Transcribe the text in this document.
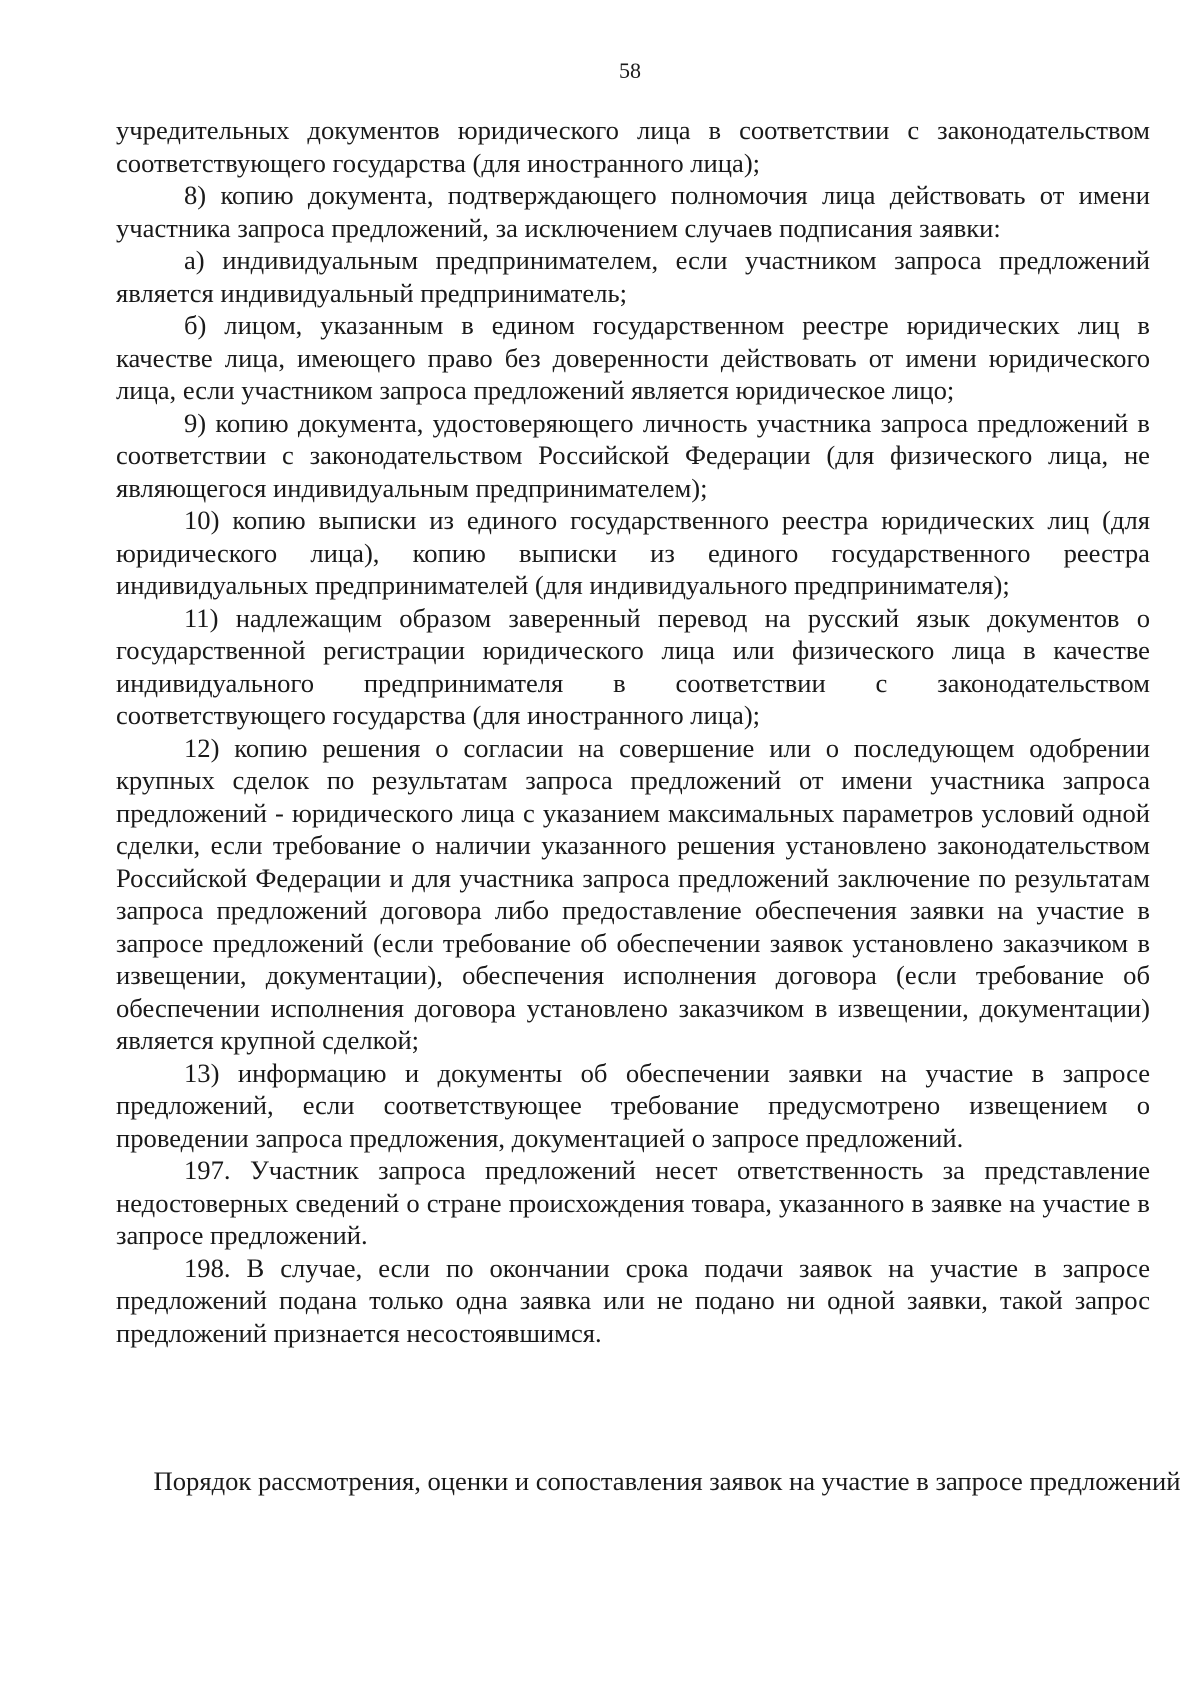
58

учредительных документов юридического лица в соответствии с законодательством соответствующего государства (для иностранного лица);

8) копию документа, подтверждающего полномочия лица действовать от имени участника запроса предложений, за исключением случаев подписания заявки:

а) индивидуальным предпринимателем, если участником запроса предложений является индивидуальный предприниматель;

б) лицом, указанным в едином государственном реестре юридических лиц в качестве лица, имеющего право без доверенности действовать от имени юридического лица, если участником запроса предложений является юридическое лицо;

9) копию документа, удостоверяющего личность участника запроса предложений в соответствии с законодательством Российской Федерации (для физического лица, не являющегося индивидуальным предпринимателем);

10) копию выписки из единого государственного реестра юридических лиц (для юридического лица), копию выписки из единого государственного реестра индивидуальных предпринимателей (для индивидуального предпринимателя);

11) надлежащим образом заверенный перевод на русский язык документов о государственной регистрации юридического лица или физического лица в качестве индивидуального предпринимателя в соответствии с законодательством соответствующего государства (для иностранного лица);

12) копию решения о согласии на совершение или о последующем одобрении крупных сделок по результатам запроса предложений от имени участника запроса предложений - юридического лица с указанием максимальных параметров условий одной сделки, если требование о наличии указанного решения установлено законодательством Российской Федерации и для участника запроса предложений заключение по результатам запроса предложений договора либо предоставление обеспечения заявки на участие в запросе предложений (если требование об обеспечении заявок установлено заказчиком в извещении, документации), обеспечения исполнения договора (если требование об обеспечении исполнения договора установлено заказчиком в извещении, документации) является крупной сделкой;

13) информацию и документы об обеспечении заявки на участие в запросе предложений, если соответствующее требование предусмотрено извещением о проведении запроса предложения, документацией о запросе предложений.

197. Участник запроса предложений несет ответственность за представление недостоверных сведений о стране происхождения товара, указанного в заявке на участие в запросе предложений.

198. В случае, если по окончании срока подачи заявок на участие в запросе предложений подана только одна заявка или не подано ни одной заявки, такой запрос предложений признается несостоявшимся.

Порядок рассмотрения, оценки и сопоставления заявок на участие в запросе предложений
